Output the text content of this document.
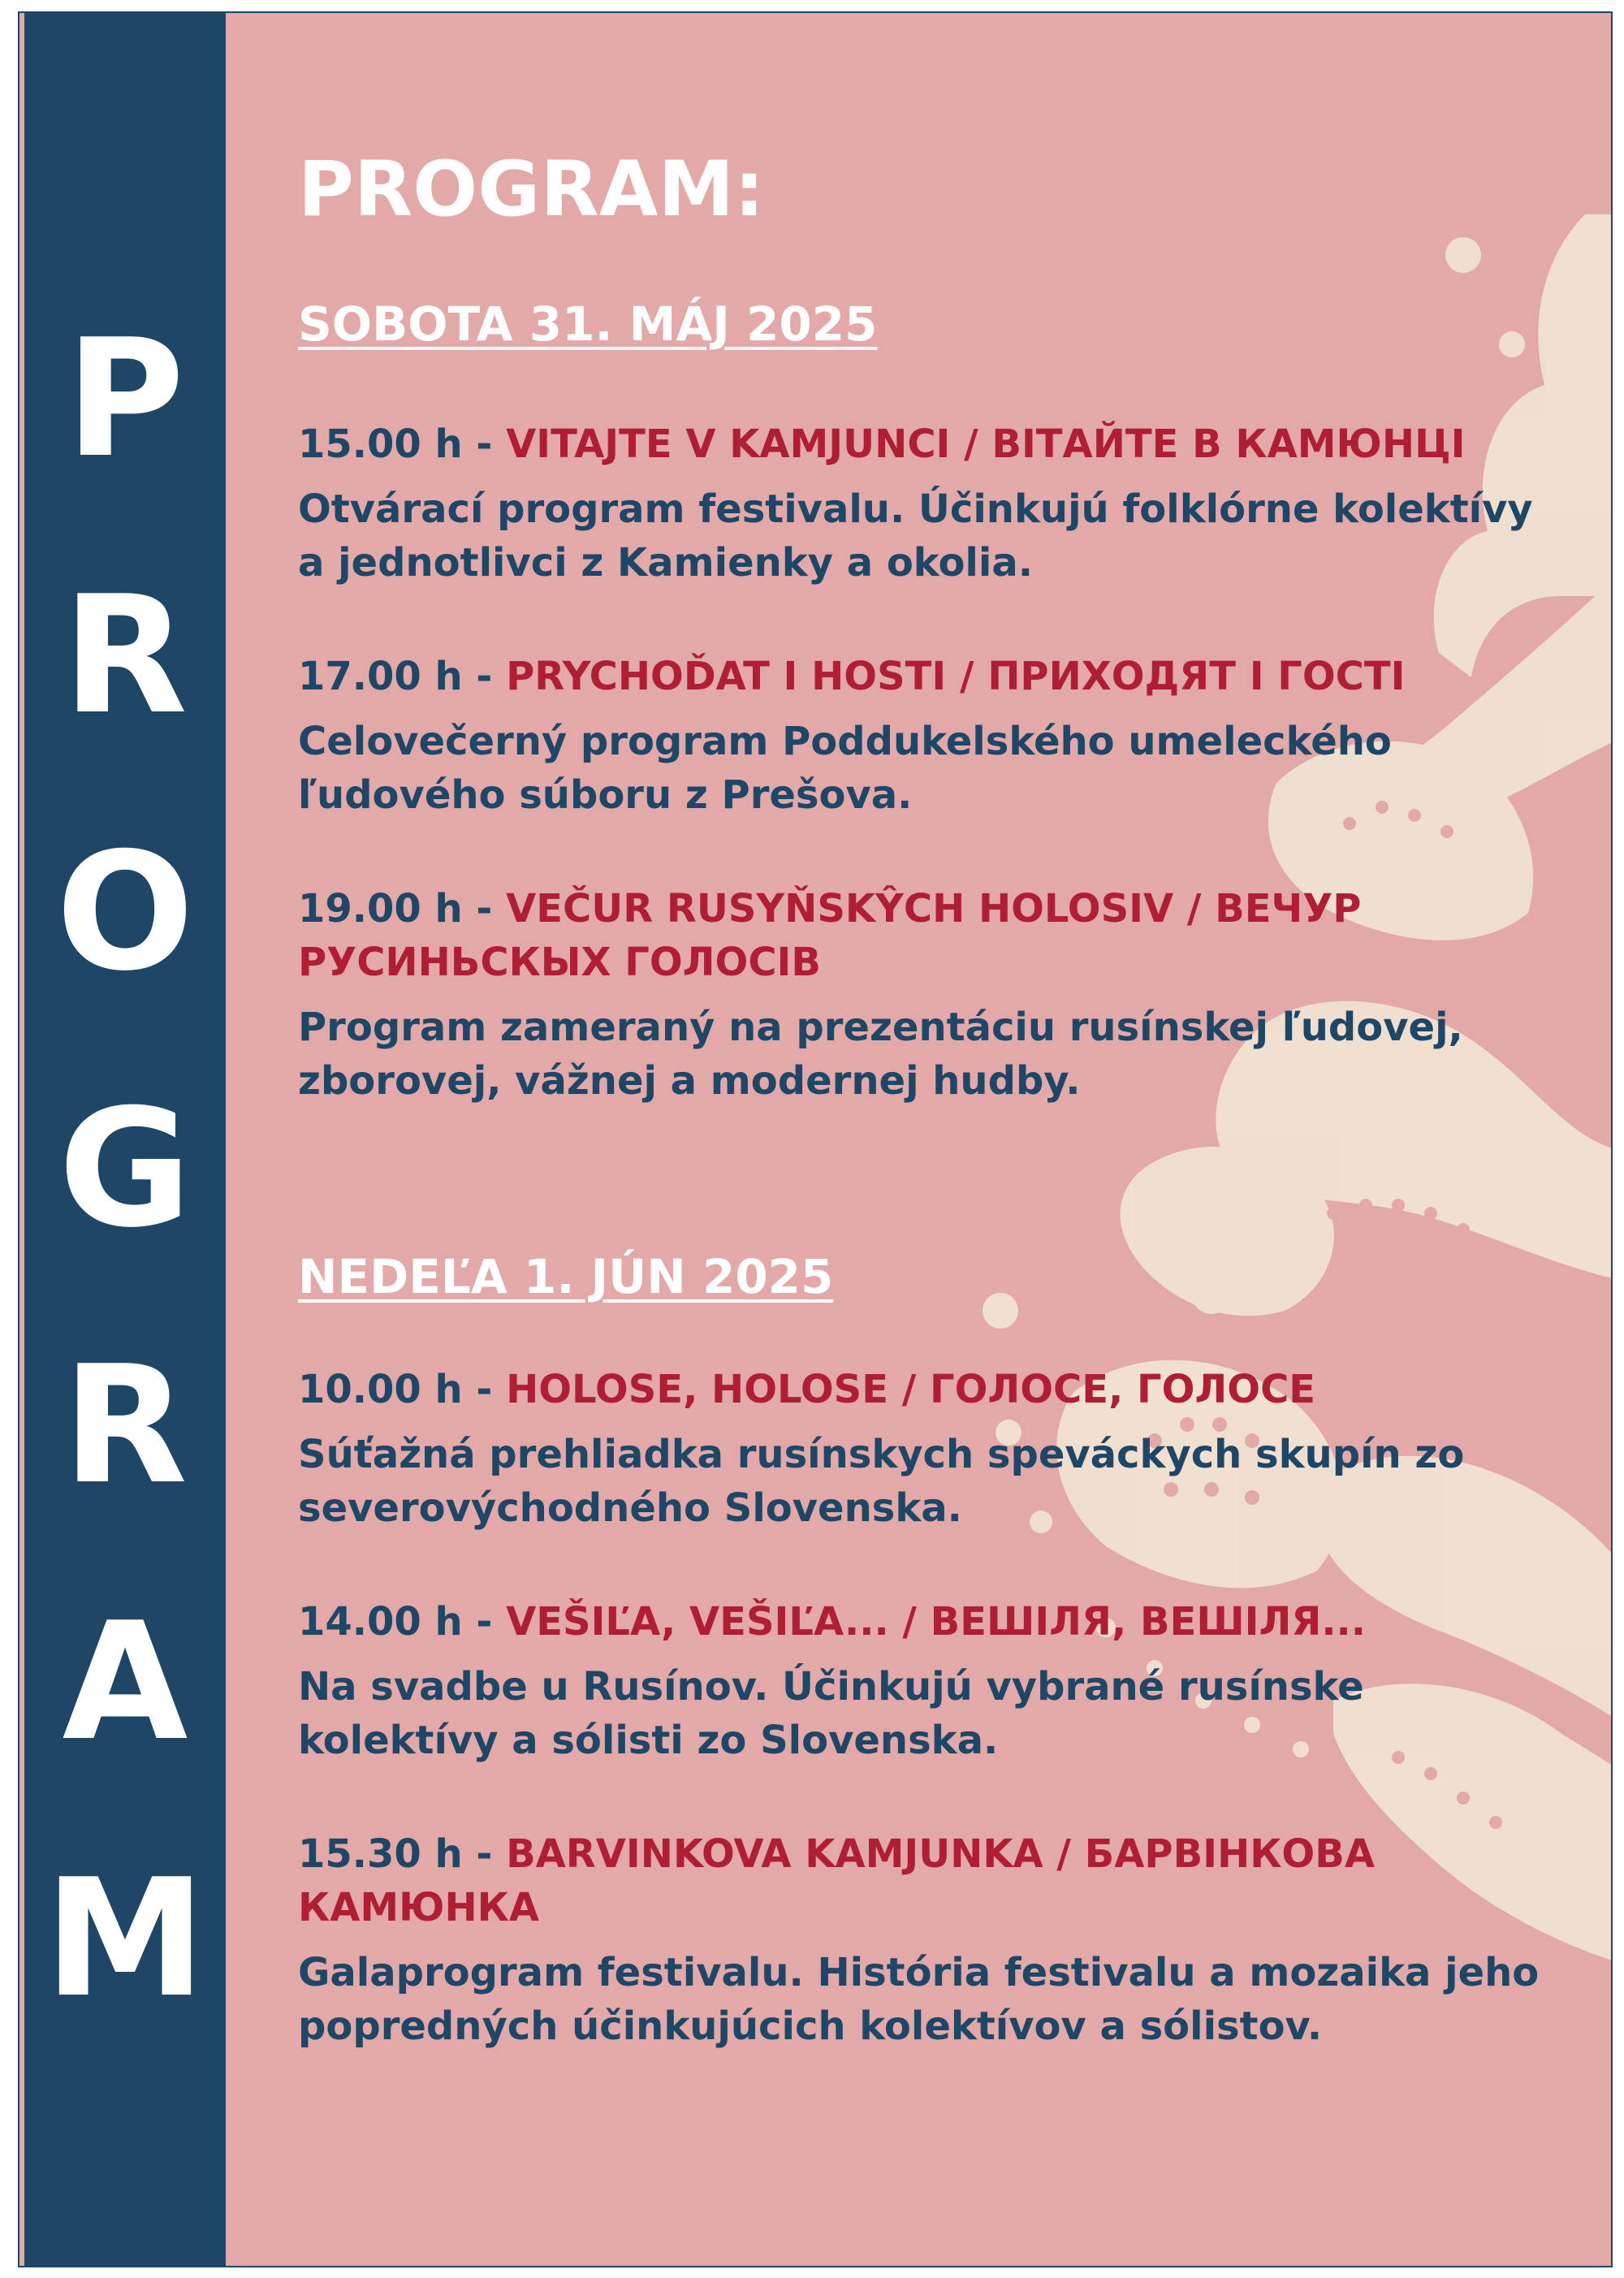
P
R
O
G
R
A
M
PROGRAM:
SOBOTA 31. MÁJ 2025

15.00 h - VITAJTE V KAMJUNCI / ВІТАЙТЕ В КАМЮНЦІ

Otvárací program festivalu. Účinkujú folklórne kolektívy a jednotlivci z Kamienky a okolia.

17.00 h - PRYCHOĎAT I HOSTI / ПРИХОДЯТ І ГОСТІ

Celovečerný program Poddukelského umeleckého ľudového súboru z Prešova.

19.00 h - VEČUR RUSYŇSKŶCH HOLOSIV / ВЕЧУР РУСИНЬСКЫХ ГОЛОСІВ

Program zameraný na prezentáciu rusínskej ľudovej, zborovej, vážnej a modernej hudby.

NEDEĽA 1. JÚN 2025

10.00 h - HOLOSE, HOLOSE / ГОЛОСЕ, ГОЛОСЕ

Súťažná prehliadka rusínskych speváckych skupín zo severovýchodného Slovenska.

14.00 h - VEŠIĽA, VEŠIĽA... / ВЕШІЛЯ, ВЕШІЛЯ...

Na svadbe u Rusínov. Účinkujú vybrané rusínske kolektívy a sólisti zo Slovenska.

15.30 h - BARVINKOVA KAMJUNKA / БАРВІНКОВА КАМЮНКА

Galaprogram festivalu. História festivalu a mozaika jeho popredných účinkujúcich kolektívov a sólistov.
